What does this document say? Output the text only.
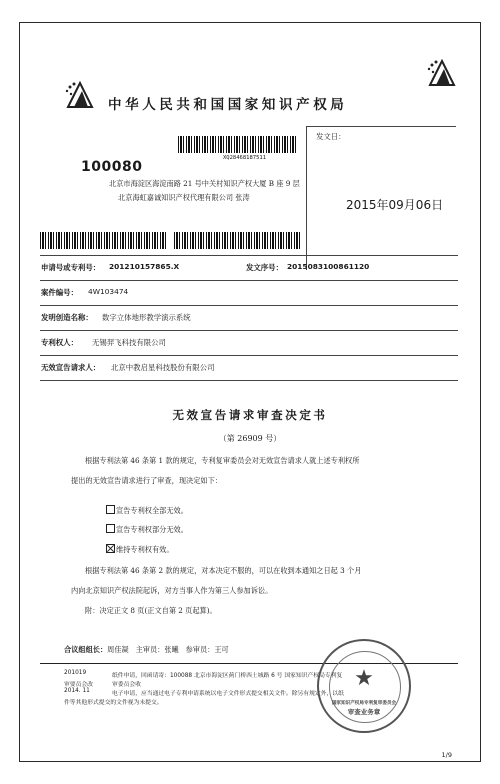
中华人民共和国国家知识产权局
XQ28468187511
100080
北京市海淀区海淀南路 21 号中关村知识产权大厦 B 座 9 层
北京海虹嘉诚知识产权代理有限公司 张涛
发文日：
2015年09月06日
申请号或专利号： 201210157865.X	发文序号： 2015083100861120
案件编号： 4W103474
发明创造名称： 数字立体地形教学演示系统
专利权人： 无锡羿飞科技有限公司
无效宣告请求人： 北京中教启星科技股份有限公司
无效宣告请求审查决定书
（第 26909 号）
根据专利法第 46 条第 1 款的规定，专利复审委员会对无效宣告请求人就上述专利权所
提出的无效宣告请求进行了审查，现决定如下：
宣告专利权全部无效。
宣告专利权部分无效。
维持专利权有效。
根据专利法第 46 条第 2 款的规定，对本决定不服的，可以在收到本通知之日起 3 个月
内向北京知识产权法院起诉，对方当事人作为第三人参加诉讼。
附：决定正文 8 页(正文自第 2 页起算)。
合议组组长：周佳凝 主审员：张曦 参审员：王可
201019
审要员会改
2014. 11
纸件申请，回函请寄：100088 北京市海淀区蓟门桥西土城路 6 号 国家知识产权局专利复
审委员会收
电子申请，应当通过电子专利申请系统以电子文件形式提交相关文件。除另有规定外，以纸
件等其他形式提交的文件视为未提交。
★
国家知识产权局专利复审委员会
审查业务章
1/9
